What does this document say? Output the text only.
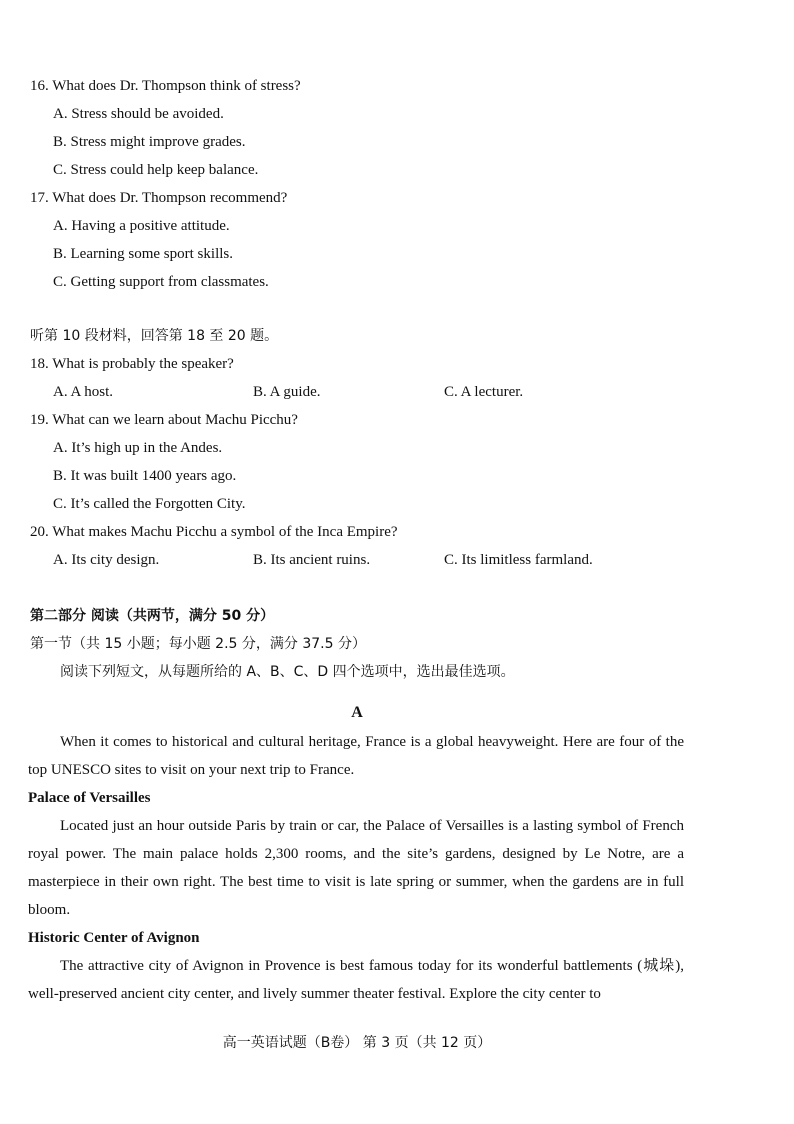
16. What does Dr. Thompson think of stress?
A. Stress should be avoided.
B. Stress might improve grades.
C. Stress could help keep balance.
17. What does Dr. Thompson recommend?
A. Having a positive attitude.
B. Learning some sport skills.
C. Getting support from classmates.
听第 10 段材料，回答第 18 至 20 题。
18. What is probably the speaker?
A. A host.	B. A guide.	C. A lecturer.
19. What can we learn about Machu Picchu?
A. It’s high up in the Andes.
B. It was built 1400 years ago.
C. It’s called the Forgotten City.
20. What makes Machu Picchu a symbol of the Inca Empire?
A. Its city design.	B. Its ancient ruins.	C. Its limitless farmland.
第二部分 阅读（共两节，满分 50 分）
第一节（共 15 小题；每小题 2.5 分，满分 37.5 分）
阅读下列短文，从每题所给的 A、B、C、D 四个选项中，选出最佳选项。
A

When it comes to historical and cultural heritage, France is a global heavyweight. Here are four of the top UNESCO sites to visit on your next trip to France.

Palace of Versailles

Located just an hour outside Paris by train or car, the Palace of Versailles is a lasting symbol of French royal power. The main palace holds 2,300 rooms, and the site’s gardens, designed by Le Notre, are a masterpiece in their own right. The best time to visit is late spring or summer, when the gardens are in full bloom.

Historic Center of Avignon

The attractive city of Avignon in Provence is best famous today for its wonderful battlements (城垛), well-preserved ancient city center, and lively summer theater festival. Explore the city center to

高一英语试题（B卷） 第 3 页（共 12 页）
